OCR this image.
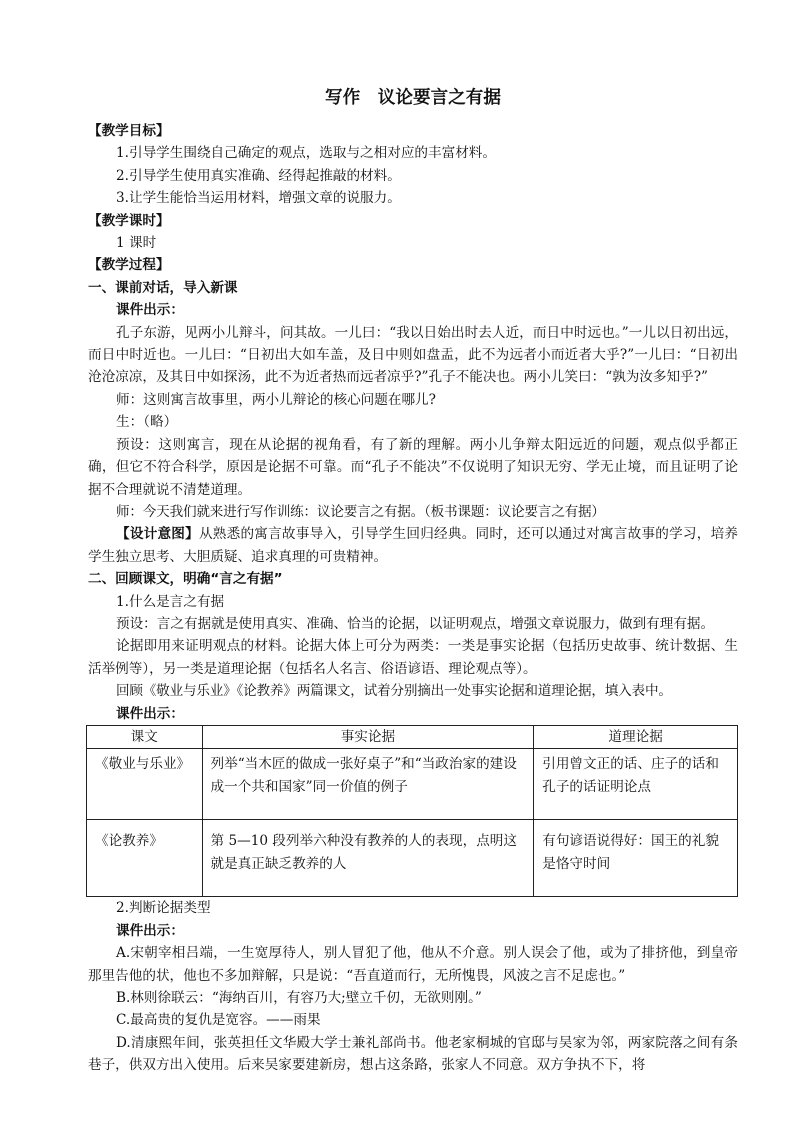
写作　议论要言之有据
【教学目标】
1.引导学生围绕自己确定的观点，选取与之相对应的丰富材料。
2.引导学生使用真实准确、经得起推敲的材料。
3.让学生能恰当运用材料，增强文章的说服力。
【教学课时】
1 课时
【教学过程】
一、课前对话，导入新课
课件出示：
孔子东游，见两小儿辩斗，问其故。一儿曰：“我以日始出时去人近，而日中时远也。”一儿以日初出远，而日中时近也。一儿曰：“日初出大如车盖，及日中则如盘盂，此不为远者小而近者大乎?”一儿曰：“日初出沧沧凉凉，及其日中如探汤，此不为近者热而远者凉乎?”孔子不能决也。两小儿笑曰：“孰为汝多知乎?”
师：这则寓言故事里，两小儿辩论的核心问题在哪儿?
生：（略）
预设：这则寓言，现在从论据的视角看，有了新的理解。两小儿争辩太阳远近的问题，观点似乎都正确，但它不符合科学，原因是论据不可靠。而“孔子不能决”不仅说明了知识无穷、学无止境，而且证明了论据不合理就说不清楚道理。
师：今天我们就来进行写作训练：议论要言之有据。（板书课题：议论要言之有据）
【设计意图】从熟悉的寓言故事导入，引导学生回归经典。同时，还可以通过对寓言故事的学习，培养学生独立思考、大胆质疑、追求真理的可贵精神。
二、回顾课文，明确“言之有据”
1.什么是言之有据
预设：言之有据就是使用真实、准确、恰当的论据，以证明观点，增强文章说服力，做到有理有据。
论据即用来证明观点的材料。论据大体上可分为两类：一类是事实论据（包括历史故事、统计数据、生活举例等），另一类是道理论据（包括名人名言、俗语谚语、理论观点等）。
回顾《敬业与乐业》《论教养》两篇课文，试着分别摘出一处事实论据和道理论据，填入表中。
课件出示：
课文	事实论据	道理论据
《敬业与乐业》	列举“当木匠的做成一张好桌子”和“当政治家的建设成一个共和国家”同一价值的例子	引用曾文正的话、庄子的话和孔子的话证明论点
《论教养》	第 5—10 段列举六种没有教养的人的表现，点明这就是真正缺乏教养的人	有句谚语说得好：国王的礼貌是恪守时间
2.判断论据类型
课件出示：
A.宋朝宰相吕端，一生宽厚待人，别人冒犯了他，他从不介意。别人误会了他，或为了排挤他，到皇帝那里告他的状，他也不多加辩解，只是说：“吾直道而行，无所愧畏，风波之言不足虑也。”
B.林则徐联云：“海纳百川，有容乃大;壁立千仞，无欲则刚。”
C.最高贵的复仇是宽容。——雨果
D.清康熙年间，张英担任文华殿大学士兼礼部尚书。他老家桐城的官邸与吴家为邻，两家院落之间有条巷子，供双方出入使用。后来吴家要建新房，想占这条路，张家人不同意。双方争执不下，将
